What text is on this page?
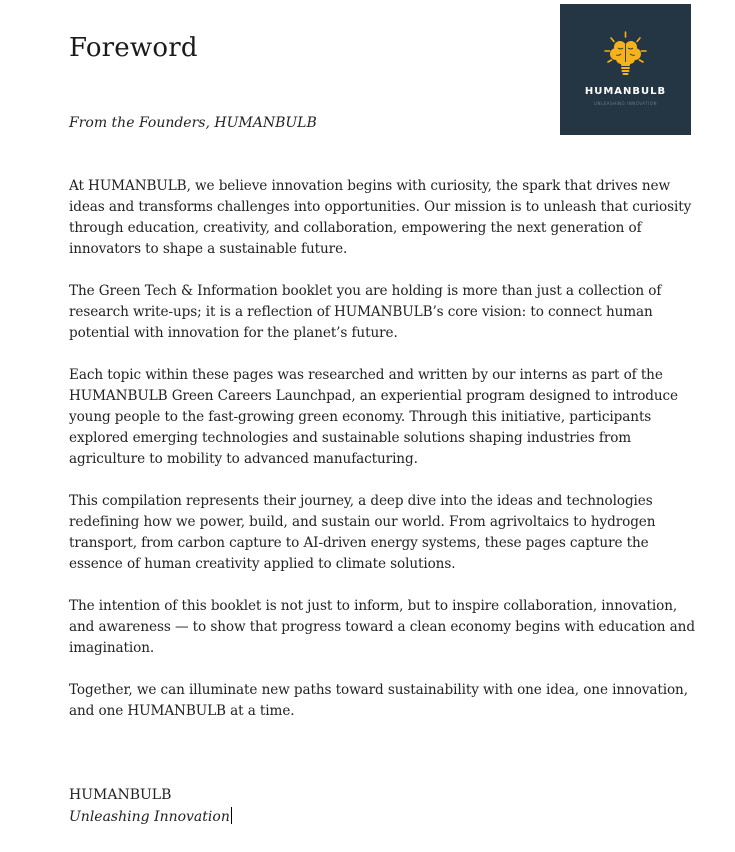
Foreword
HUMANBULB
UNLEASHING INNOVATION

From the Founders, HUMANBULB

At HUMANBULB, we believe innovation begins with curiosity, the spark that drives new ideas and transforms challenges into opportunities. Our mission is to unleash that curiosity through education, creativity, and collaboration, empowering the next generation of innovators to shape a sustainable future.

The Green Tech & Information booklet you are holding is more than just a collection of research write-ups; it is a reflection of HUMANBULB’s core vision: to connect human potential with innovation for the planet’s future.

Each topic within these pages was researched and written by our interns as part of the HUMANBULB Green Careers Launchpad, an experiential program designed to introduce young people to the fast-growing green economy. Through this initiative, participants explored emerging technologies and sustainable solutions shaping industries from agriculture to mobility to advanced manufacturing.

This compilation represents their journey, a deep dive into the ideas and technologies redefining how we power, build, and sustain our world. From agrivoltaics to hydrogen transport, from carbon capture to AI-driven energy systems, these pages capture the essence of human creativity applied to climate solutions.

The intention of this booklet is not just to inform, but to inspire collaboration, innovation, and awareness — to show that progress toward a clean economy begins with education and imagination.

Together, we can illuminate new paths toward sustainability with one idea, one innovation, and one HUMANBULB at a time.

HUMANBULB
Unleashing Innovation
